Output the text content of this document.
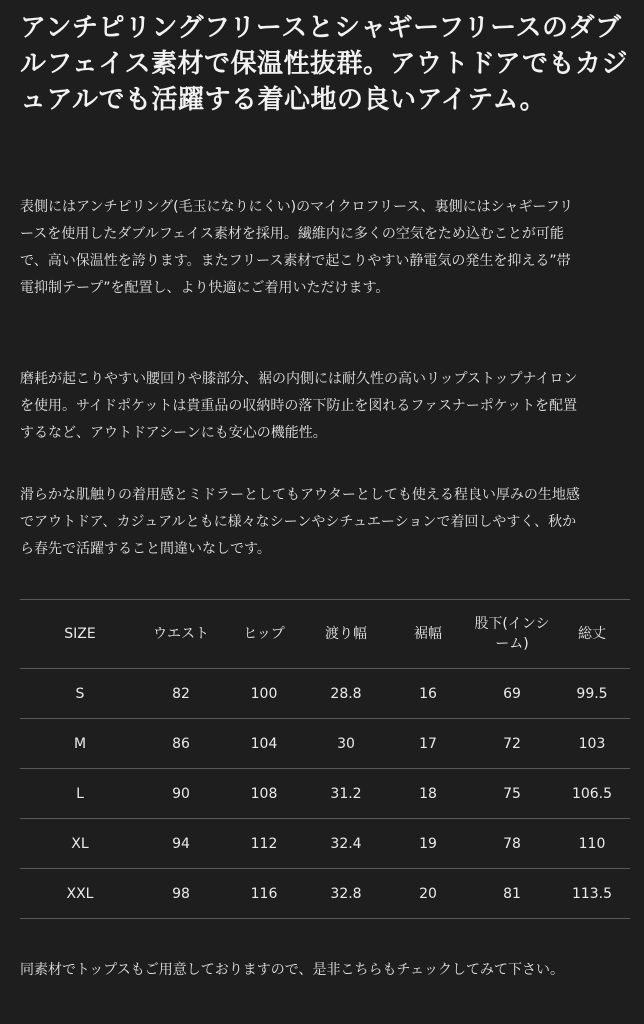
アンチピリングフリースとシャギーフリースのダブルフェイス素材で保温性抜群。アウトドアでもカジュアルでも活躍する着心地の良いアイテム。
表側にはアンチピリング(毛玉になりにくい)のマイクロフリース、裏側にはシャギーフリースを使用したダブルフェイス素材を採用。繊維内に多くの空気をため込むことが可能で、高い保温性を誇ります。またフリース素材で起こりやすい静電気の発生を抑える”帯電抑制テープ”を配置し、より快適にご着用いただけます。
磨耗が起こりやすい腰回りや膝部分、裾の内側には耐久性の高いリップストップナイロンを使用。サイドポケットは貴重品の収納時の落下防止を図れるファスナーポケットを配置するなど、アウトドアシーンにも安心の機能性。
滑らかな肌触りの着用感とミドラーとしてもアウターとしても使える程良い厚みの生地感でアウトドア、カジュアルともに様々なシーンやシチュエーションで着回しやすく、秋から春先で活躍すること間違いなしです。
SIZE	ウエスト	ヒップ	渡り幅	裾幅	股下(インシーム)	総丈
S	82	100	28.8	16	69	99.5
M	86	104	30	17	72	103
L	90	108	31.2	18	75	106.5
XL	94	112	32.4	19	78	110
XXL	98	116	32.8	20	81	113.5
同素材でトップスもご用意しておりますので、是非こちらもチェックしてみて下さい。
